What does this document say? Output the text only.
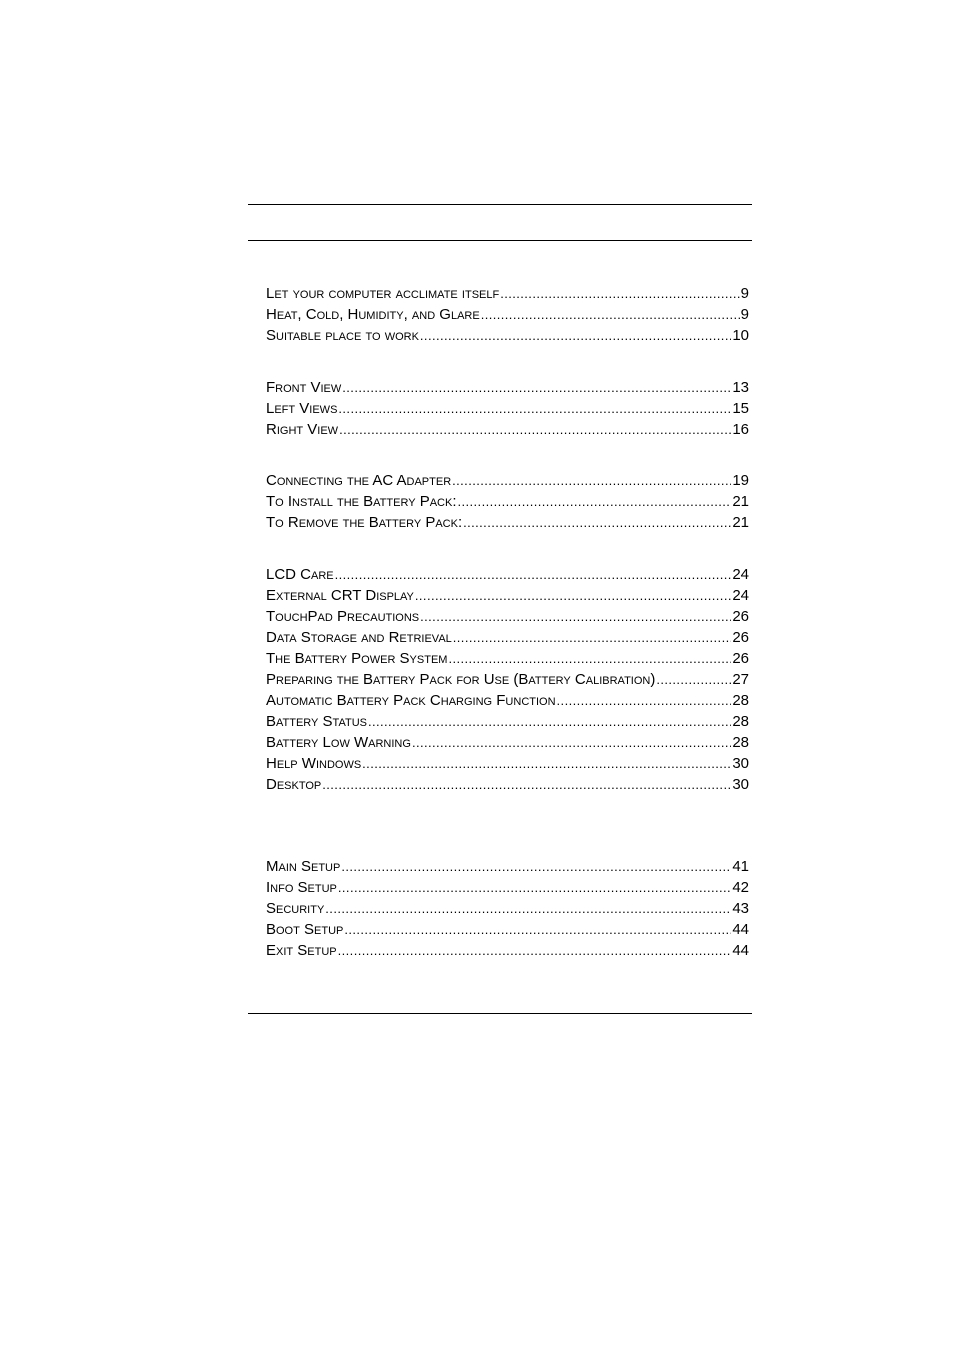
Let your computer acclimate itself .....	9
Heat, Cold, Humidity, and Glare .....	9
Suitable place to work .....	10
Front View .....	13
Left Views .....	15
Right View .....	16
Connecting the AC Adapter .....	19
To Install the Battery Pack: .....	21
To Remove the Battery Pack: .....	21
LCD Care .....	24
External CRT Display .....	24
TouchPad Precautions .....	26
Data Storage and Retrieval .....	26
The Battery Power System .....	26
Preparing the Battery Pack for Use (Battery Calibration) .....	27
Automatic Battery Pack Charging Function .....	28
Battery Status .....	28
Battery Low Warning .....	28
Help Windows .....	30
Desktop .....	30
Main Setup .....	41
Info Setup .....	42
Security .....	43
Boot Setup .....	44
Exit Setup .....	44
